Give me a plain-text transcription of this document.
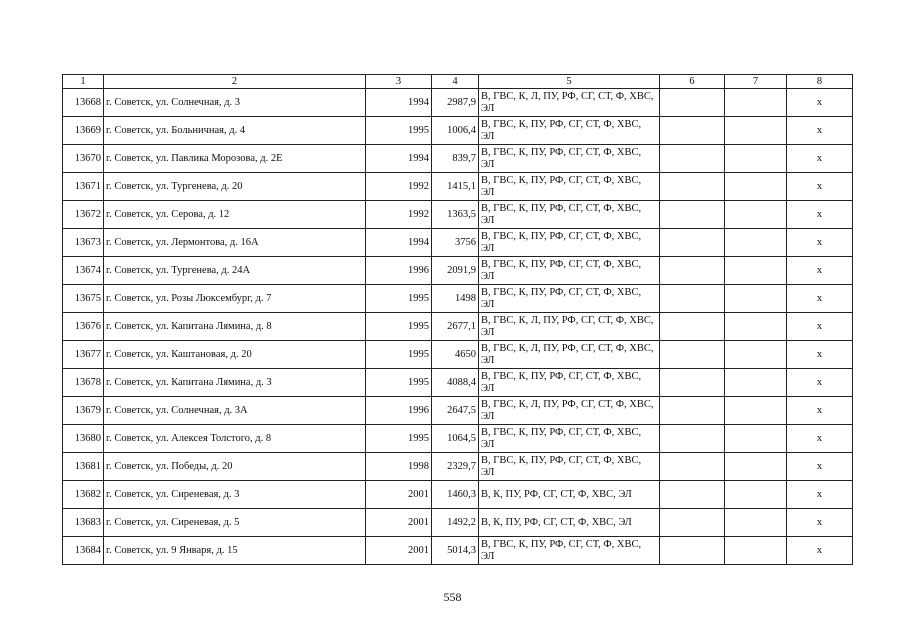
1	2	3	4	5	6	7	8
13668	г. Советск, ул. Солнечная, д. 3	1994	2987,9	В, ГВС, К, Л, ПУ, РФ, СГ, СТ, Ф, ХВС, ЭЛ			х
13669	г. Советск, ул. Больничная, д. 4	1995	1006,4	В, ГВС, К, ПУ, РФ, СГ, СТ, Ф, ХВС, ЭЛ			х
13670	г. Советск, ул. Павлика Морозова, д. 2Е	1994	839,7	В, ГВС, К, ПУ, РФ, СГ, СТ, Ф, ХВС, ЭЛ			х
13671	г. Советск, ул. Тургенева, д. 20	1992	1415,1	В, ГВС, К, ПУ, РФ, СГ, СТ, Ф, ХВС, ЭЛ			х
13672	г. Советск, ул. Серова, д. 12	1992	1363,5	В, ГВС, К, ПУ, РФ, СГ, СТ, Ф, ХВС, ЭЛ			х
13673	г. Советск, ул. Лермонтова, д. 16А	1994	3756	В, ГВС, К, ПУ, РФ, СГ, СТ, Ф, ХВС, ЭЛ			х
13674	г. Советск, ул. Тургенева, д. 24А	1996	2091,9	В, ГВС, К, ПУ, РФ, СГ, СТ, Ф, ХВС, ЭЛ			х
13675	г. Советск, ул. Розы Люксембург, д. 7	1995	1498	В, ГВС, К, ПУ, РФ, СГ, СТ, Ф, ХВС, ЭЛ			х
13676	г. Советск, ул. Капитана Лямина, д. 8	1995	2677,1	В, ГВС, К, Л, ПУ, РФ, СГ, СТ, Ф, ХВС, ЭЛ			х
13677	г. Советск, ул. Каштановая, д. 20	1995	4650	В, ГВС, К, Л, ПУ, РФ, СГ, СТ, Ф, ХВС, ЭЛ			х
13678	г. Советск, ул. Капитана Лямина, д. 3	1995	4088,4	В, ГВС, К, ПУ, РФ, СГ, СТ, Ф, ХВС, ЭЛ			х
13679	г. Советск, ул. Солнечная, д. 3А	1996	2647,5	В, ГВС, К, Л, ПУ, РФ, СГ, СТ, Ф, ХВС, ЭЛ			х
13680	г. Советск, ул. Алексея Толстого, д. 8	1995	1064,5	В, ГВС, К, ПУ, РФ, СГ, СТ, Ф, ХВС, ЭЛ			х
13681	г. Советск, ул. Победы, д. 20	1998	2329,7	В, ГВС, К, ПУ, РФ, СГ, СТ, Ф, ХВС, ЭЛ			х
13682	г. Советск, ул. Сиреневая, д. 3	2001	1460,3	В, К, ПУ, РФ, СГ, СТ, Ф, ХВС, ЭЛ			х
13683	г. Советск, ул. Сиреневая, д. 5	2001	1492,2	В, К, ПУ, РФ, СГ, СТ, Ф, ХВС, ЭЛ			х
13684	г. Советск, ул. 9 Января, д. 15	2001	5014,3	В, ГВС, К, ПУ, РФ, СГ, СТ, Ф, ХВС, ЭЛ			х
558
